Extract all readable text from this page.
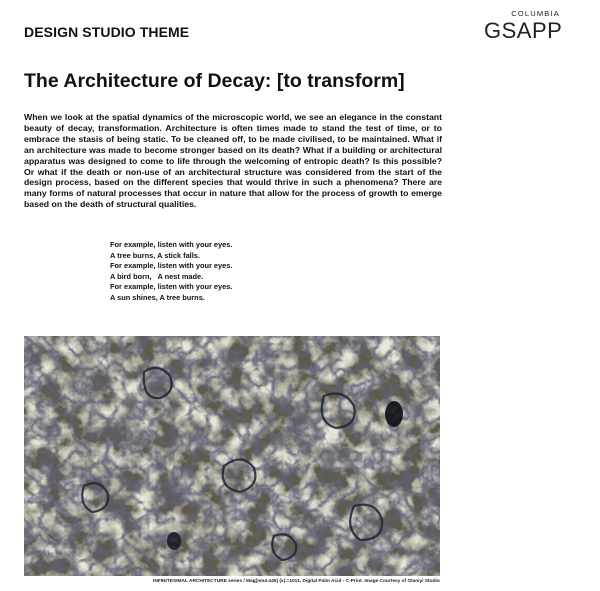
DESIGN STUDIO THEME
COLUMBIA
GSAPP
The Architecture of Decay: [to transform]

When we look at the spatial dynamics of the microscopic world, we see an elegance in the constant beauty of decay, transformation. Architecture is often times made to stand the test of time, or to embrace the stasis of being static. To be cleaned off, to be made civilised, to be maintained. What if an architecture was made to become stronger based on its death? What if a building or architectural apparatus was designed to come to life through the welcoming of entropic death? Is this possible? Or what if the death or non-use of an architectural structure was considered from the start of the design process, based on the different species that would thrive in such a phenomena? There are many forms of natural processes that occur in nature that allow for the process of growth to emerge based on the death of structural qualities.

For example, listen with your eyes.
A tree burns, A stick falls.
For example, listen with your eyes.
A bird born,   A nest made.
For example, listen with your eyes.
A sun shines, A tree burns.
INFINITESIMAL ARCHITECTURE series / Mag[nm4.445] (x).=1011, Digital Palm Acid - C-Print. Image Courtesy of Olaniyi Studio
